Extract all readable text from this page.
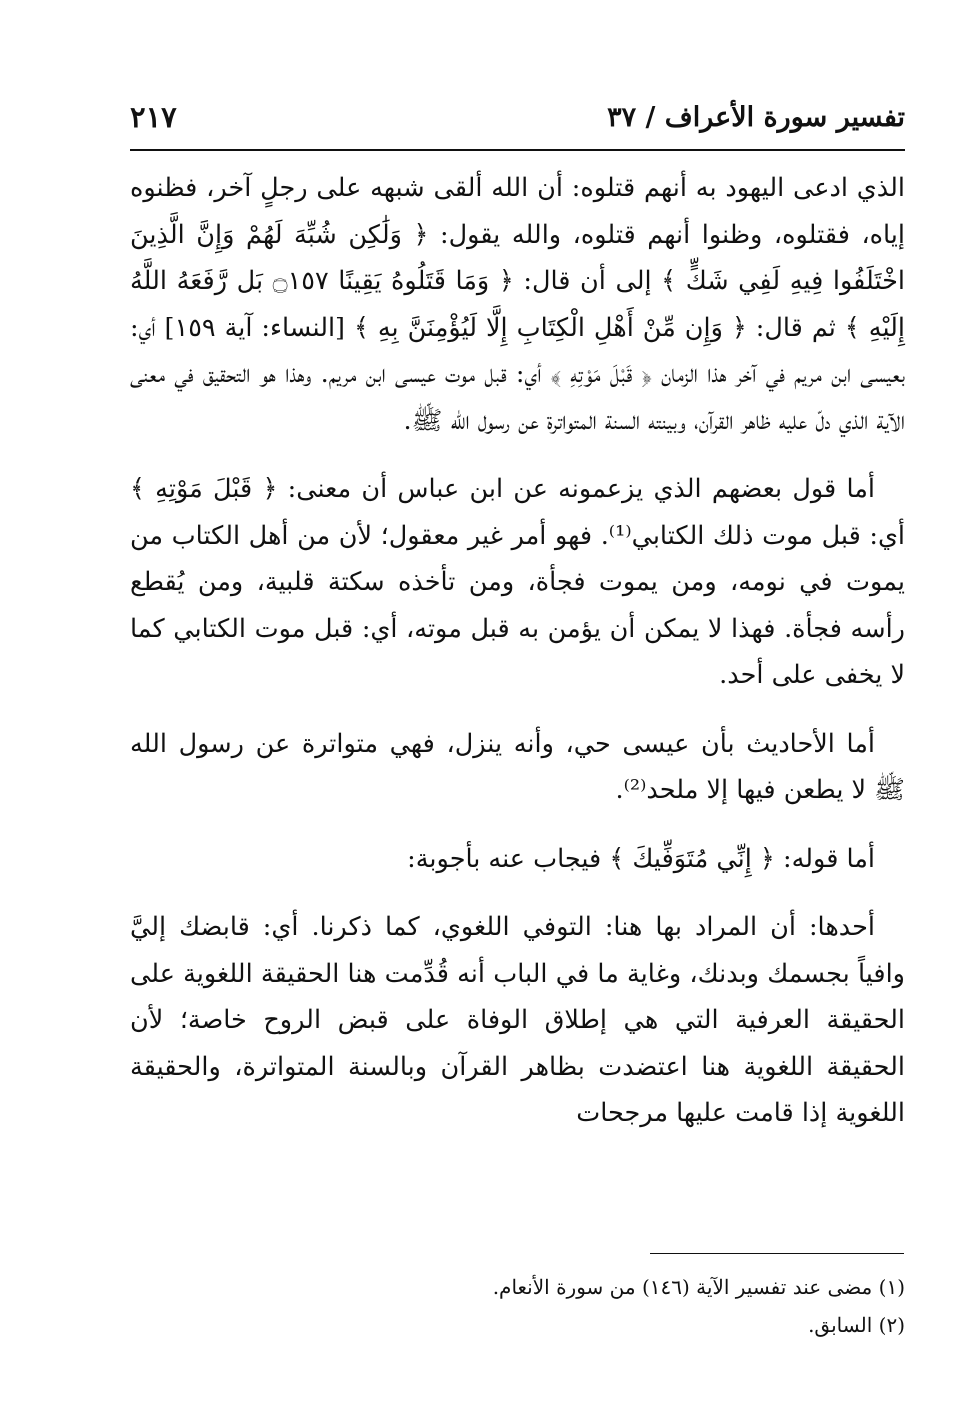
تفسير سورة الأعراف / ٣٧
٢١٧

الذي ادعى اليهود به أنهم قتلوه: أن الله ألقى شبهه على رجلٍ آخر، فظنوه إياه، فقتلوه، وظنوا أنهم قتلوه، والله يقول: ﴿ وَلَٰكِن شُبِّهَ لَهُمْ وَإِنَّ الَّذِينَ اخْتَلَفُوا فِيهِ لَفِي شَكٍّ ﴾ إلى أن قال: ﴿ وَمَا قَتَلُوهُ يَقِينًا ۝١٥٧ بَل رَّفَعَهُ اللَّهُ إِلَيْهِ ﴾ ثم قال: ﴿ وَإِن مِّنْ أَهْلِ الْكِتَابِ إِلَّا لَيُؤْمِنَنَّ بِهِ ﴾ [النساء: آية ١٥٩] أي: بعيسى ابن مريم في آخر هذا الزمان ﴿ قَبْلَ مَوْتِهِ ﴾ أي: قبل موت عيسى ابن مريم. وهذا هو التحقيق في معنى الآية الذي دلّ عليه ظاهر القرآن، وبينته السنة المتواترة عن رسول الله ﷺ.

أما قول بعضهم الذي يزعمونه عن ابن عباس أن معنى: ﴿ قَبْلَ مَوْتِهِ ﴾ أي: قبل موت ذلك الكتابي⁽¹⁾. فهو أمر غير معقول؛ لأن من أهل الكتاب من يموت في نومه، ومن يموت فجأة، ومن تأخذه سكتة قلبية، ومن يُقطع رأسه فجأة. فهذا لا يمكن أن يؤمن به قبل موته، أي: قبل موت الكتابي كما لا يخفى على أحد.

أما الأحاديث بأن عيسى حي، وأنه ينزل، فهي متواترة عن رسول الله ﷺ لا يطعن فيها إلا ملحد⁽²⁾.

أما قوله: ﴿ إِنِّي مُتَوَفِّيكَ ﴾ فيجاب عنه بأجوبة:

أحدها: أن المراد بها هنا: التوفي اللغوي، كما ذكرنا. أي: قابضك إليَّ وافياً بجسمك وبدنك، وغاية ما في الباب أنه قُدِّمت هنا الحقيقة اللغوية على الحقيقة العرفية التي هي إطلاق الوفاة على قبض الروح خاصة؛ لأن الحقيقة اللغوية هنا اعتضدت بظاهر القرآن وبالسنة المتواترة، والحقيقة اللغوية إذا قامت عليها مرجحات

(١) مضى عند تفسير الآية (١٤٦) من سورة الأنعام.

(٢) السابق.
